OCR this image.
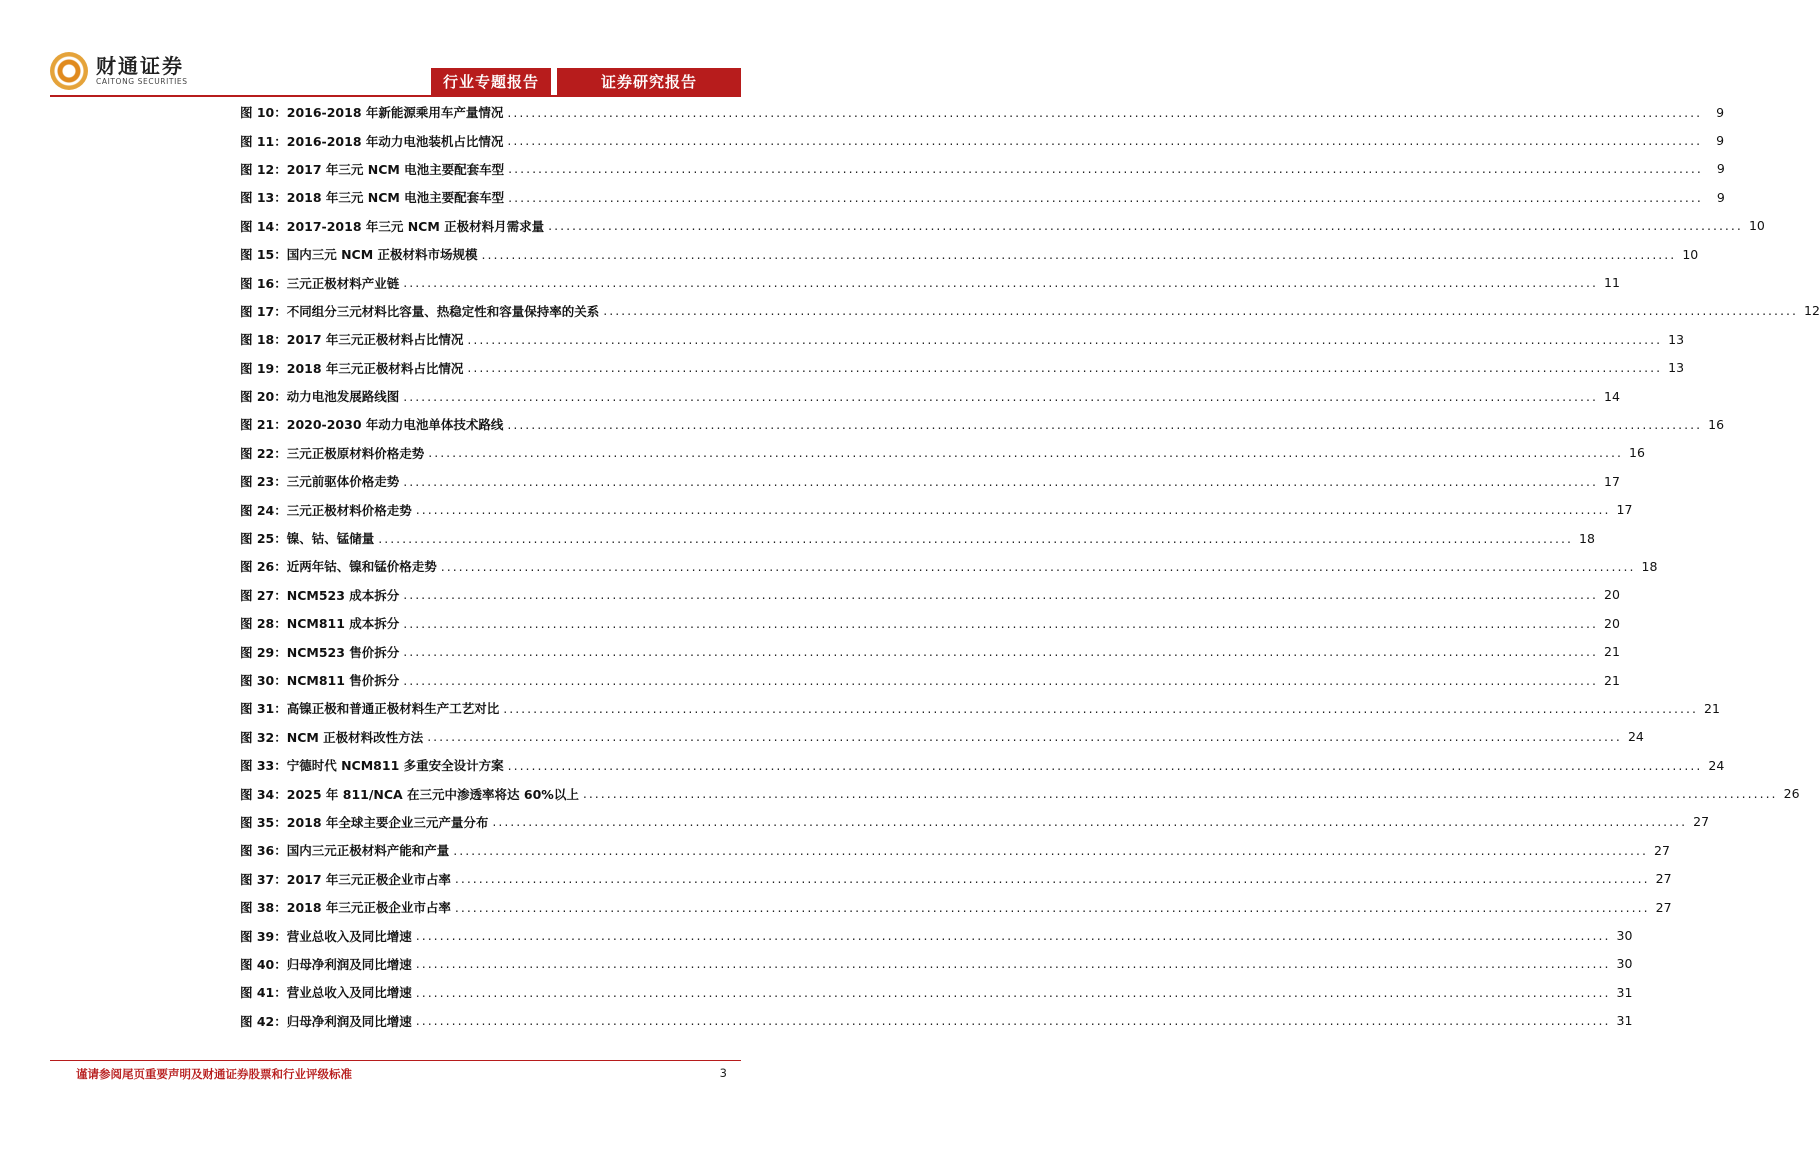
财通证券
CAITONG SECURITIES	行业专题报告	证券研究报告
图 10：2016-2018 年新能源乘用车产量情况 ........................................................................................................................................................................................................	9
图 11：2016-2018 年动力电池装机占比情况 ........................................................................................................................................................................................................	9
图 12：2017 年三元 NCM 电池主要配套车型 ........................................................................................................................................................................................................	9
图 13：2018 年三元 NCM 电池主要配套车型 ........................................................................................................................................................................................................	9
图 14：2017-2018 年三元 NCM 正极材料月需求量 ........................................................................................................................................................................................................ 10
图 15：国内三元 NCM 正极材料市场规模 ........................................................................................................................................................................................................ 10
图 16：三元正极材料产业链 ........................................................................................................................................................................................................ 11
图 17：不同组分三元材料比容量、热稳定性和容量保持率的关系 ........................................................................................................................................................................................................ 12
图 18：2017 年三元正极材料占比情况 ........................................................................................................................................................................................................ 13
图 19：2018 年三元正极材料占比情况 ........................................................................................................................................................................................................ 13
图 20：动力电池发展路线图 ........................................................................................................................................................................................................ 14
图 21：2020-2030 年动力电池单体技术路线 ........................................................................................................................................................................................................ 16
图 22：三元正极原材料价格走势 ........................................................................................................................................................................................................ 16
图 23：三元前驱体价格走势 ........................................................................................................................................................................................................ 17
图 24：三元正极材料价格走势 ........................................................................................................................................................................................................ 17
图 25：镍、钴、锰储量 ........................................................................................................................................................................................................ 18
图 26：近两年钴、镍和锰价格走势 ........................................................................................................................................................................................................ 18
图 27：NCM523 成本拆分 ........................................................................................................................................................................................................ 20
图 28：NCM811 成本拆分 ........................................................................................................................................................................................................ 20
图 29：NCM523 售价拆分 ........................................................................................................................................................................................................ 21
图 30：NCM811 售价拆分 ........................................................................................................................................................................................................ 21
图 31：高镍正极和普通正极材料生产工艺对比 ........................................................................................................................................................................................................ 21
图 32：NCM 正极材料改性方法 ........................................................................................................................................................................................................ 24
图 33：宁德时代 NCM811 多重安全设计方案 ........................................................................................................................................................................................................ 24
图 34：2025 年 811/NCA 在三元中渗透率将达 60%以上 ........................................................................................................................................................................................................ 26
图 35：2018 年全球主要企业三元产量分布 ........................................................................................................................................................................................................ 27
图 36：国内三元正极材料产能和产量 ........................................................................................................................................................................................................ 27
图 37：2017 年三元正极企业市占率 ........................................................................................................................................................................................................ 27
图 38：2018 年三元正极企业市占率 ........................................................................................................................................................................................................ 27
图 39：营业总收入及同比增速 ........................................................................................................................................................................................................ 30
图 40：归母净利润及同比增速 ........................................................................................................................................................................................................ 30
图 41：营业总收入及同比增速 ........................................................................................................................................................................................................ 31
图 42：归母净利润及同比增速 ........................................................................................................................................................................................................ 31
谨请参阅尾页重要声明及财通证券股票和行业评级标准	3
